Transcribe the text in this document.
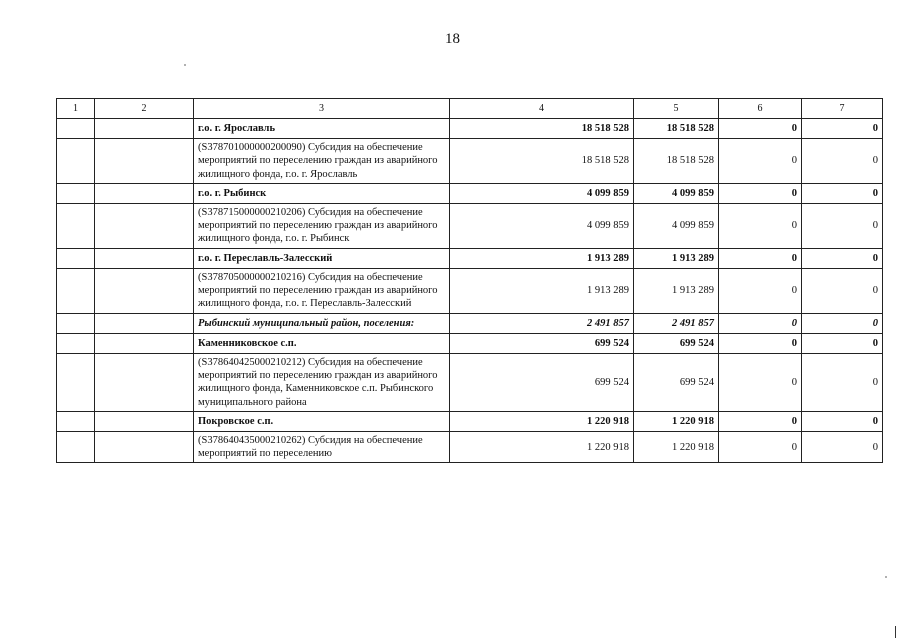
18
1	2	3	4	5	6	7
		г.о. г. Ярославль	18 518 528	18 518 528	0	0
		(S378701000000200090) Субсидия на обеспечение мероприятий по переселению граждан из аварийного жилищного фонда, г.о. г. Ярославль	18 518 528	18 518 528	0	0
		г.о. г. Рыбинск	4 099 859	4 099 859	0	0
		(S378715000000210206) Субсидия на обеспечение мероприятий по переселению граждан из аварийного жилищного фонда, г.о. г. Рыбинск	4 099 859	4 099 859	0	0
		г.о. г. Переславль-Залесский	1 913 289	1 913 289	0	0
		(S378705000000210216) Субсидия на обеспечение мероприятий по переселению граждан из аварийного жилищного фонда, г.о. г. Переславль-Залесский	1 913 289	1 913 289	0	0
		Рыбинский муниципальный район, поселения:	2 491 857	2 491 857	0	0
		Каменниковское с.п.	699 524	699 524	0	0
		(S378640425000210212) Субсидия на обеспечение мероприятий по переселению граждан из аварийного жилищного фонда, Каменниковское с.п. Рыбинского муниципального района	699 524	699 524	0	0
		Покровское с.п.	1 220 918	1 220 918	0	0
		(S378640435000210262) Субсидия на обеспечение мероприятий по переселению	1 220 918	1 220 918	0	0
